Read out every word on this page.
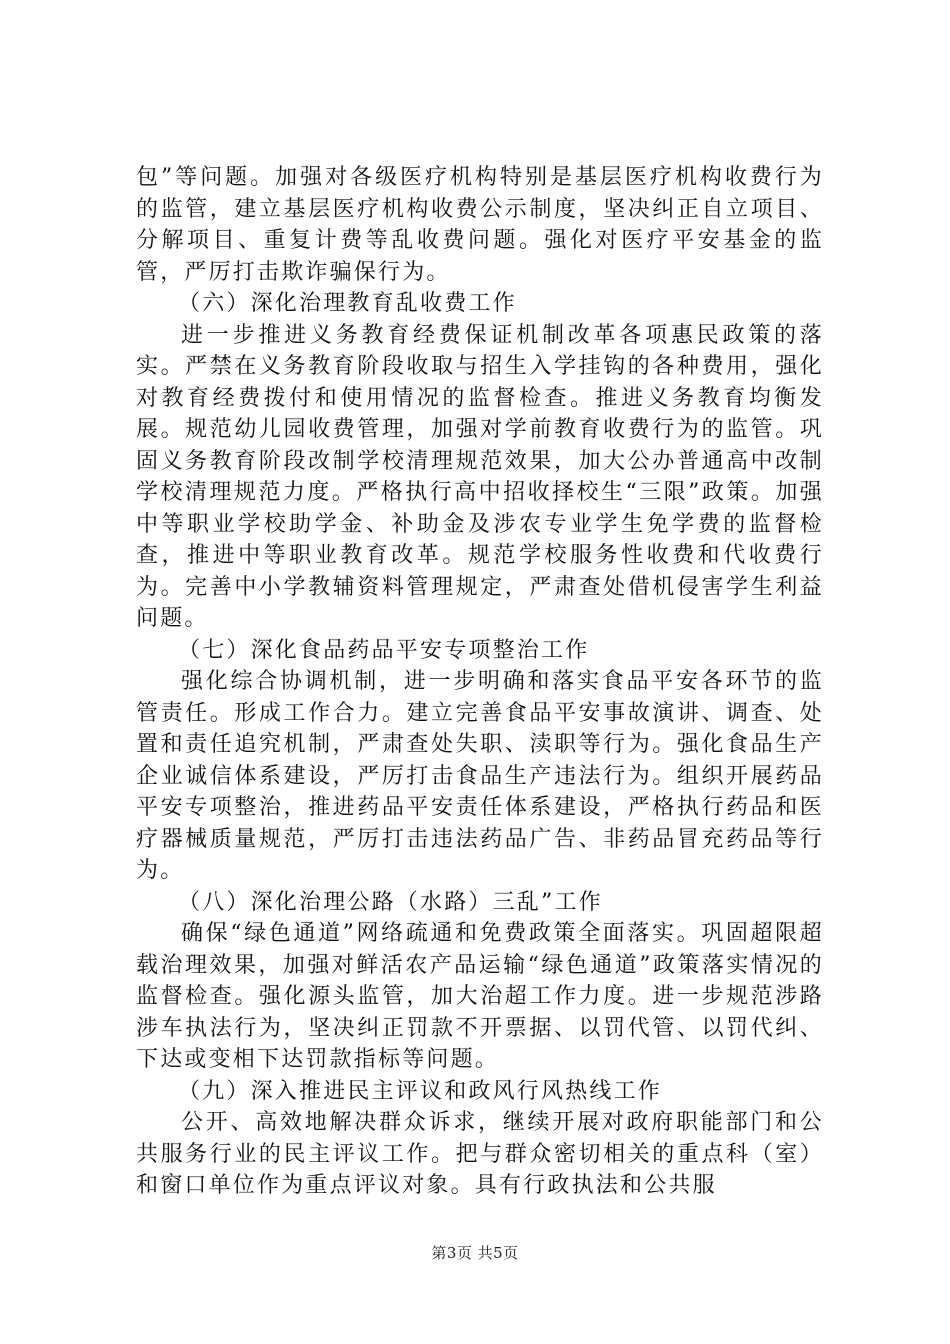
包”等问题。加强对各级医疗机构特别是基层医疗机构收费行为的监管，建立基层医疗机构收费公示制度，坚决纠正自立项目、分解项目、重复计费等乱收费问题。强化对医疗平安基金的监管，严厉打击欺诈骗保行为。

（六）深化治理教育乱收费工作

进一步推进义务教育经费保证机制改革各项惠民政策的落实。严禁在义务教育阶段收取与招生入学挂钩的各种费用，强化对教育经费拨付和使用情况的监督检查。推进义务教育均衡发展。规范幼儿园收费管理，加强对学前教育收费行为的监管。巩固义务教育阶段改制学校清理规范效果，加大公办普通高中改制学校清理规范力度。严格执行高中招收择校生“三限”政策。加强中等职业学校助学金、补助金及涉农专业学生免学费的监督检查，推进中等职业教育改革。规范学校服务性收费和代收费行为。完善中小学教辅资料管理规定，严肃查处借机侵害学生利益问题。

（七）深化食品药品平安专项整治工作

强化综合协调机制，进一步明确和落实食品平安各环节的监管责任。形成工作合力。建立完善食品平安事故演讲、调查、处置和责任追究机制，严肃查处失职、渎职等行为。强化食品生产企业诚信体系建设，严厉打击食品生产违法行为。组织开展药品平安专项整治，推进药品平安责任体系建设，严格执行药品和医疗器械质量规范，严厉打击违法药品广告、非药品冒充药品等行为。

（八）深化治理公路（水路）三乱”工作

确保“绿色通道”网络疏通和免费政策全面落实。巩固超限超载治理效果，加强对鲜活农产品运输“绿色通道”政策落实情况的监督检查。强化源头监管，加大治超工作力度。进一步规范涉路涉车执法行为，坚决纠正罚款不开票据、以罚代管、以罚代纠、下达或变相下达罚款指标等问题。

（九）深入推进民主评议和政风行风热线工作

公开、高效地解决群众诉求，继续开展对政府职能部门和公共服务行业的民主评议工作。把与群众密切相关的重点科（室）和窗口单位作为重点评议对象。具有行政执法和公共服

第3页 共5页
